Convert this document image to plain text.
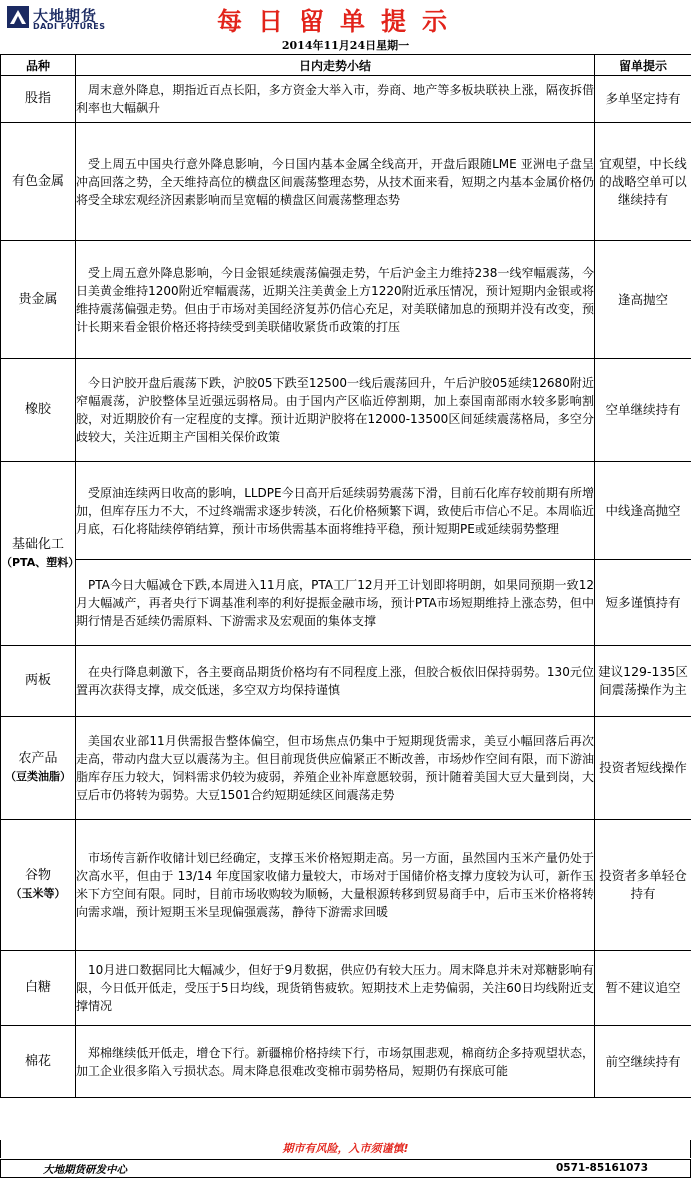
大地期货
DADI FUTURES	每日留单提示
2014年11月24日星期一
品种	日内走势小结	留单提示

股指	周末意外降息，期指近百点长阳，多方资金大举入市，券商、地产等多板块联袂上涨，隔夜拆借利率也大幅飙升	多单坚定持有

有色金属	受上周五中国央行意外降息影响，今日国内基本金属全线高开，开盘后跟随LME 亚洲电子盘呈冲高回落之势，全天维持高位的横盘区间震荡整理态势，从技术面来看，短期之内基本金属价格仍将受全球宏观经济因素影响而呈宽幅的横盘区间震荡整理态势	宜观望，中长线的战略空单可以继续持有

贵金属	受上周五意外降息影响，今日金银延续震荡偏强走势，午后沪金主力维持238一线窄幅震荡，今日美黄金维持1200附近窄幅震荡，近期关注美黄金上方1220附近承压情况，预计短期内金银或将维持震荡偏强走势。但由于市场对美国经济复苏仍信心充足，对美联储加息的预期并没有改变，预计长期来看金银价格还将持续受到美联储收紧货币政策的打压	逢高抛空

橡胶	今日沪胶开盘后震荡下跌，沪胶05下跌至12500一线后震荡回升，午后沪胶05延续12680附近窄幅震荡，沪胶整体呈近强远弱格局。由于国内产区临近停割期，加上泰国南部雨水较多影响割胶，对近期胶价有一定程度的支撑。预计近期沪胶将在12000-13500区间延续震荡格局，多空分歧较大，关注近期主产国相关保价政策	空单继续持有

基础化工
（PTA、塑料）	受原油连续两日收高的影响，LLDPE今日高开后延续弱势震荡下滑，目前石化库存较前期有所增加，但库存压力不大，不过终端需求逐步转淡，石化价格频繁下调，致使后市信心不足。本周临近月底，石化将陆续停销结算，预计市场供需基本面将维持平稳，预计短期PE或延续弱势整理	中线逢高抛空

	PTA今日大幅减仓下跌,本周进入11月底，PTA工厂12月开工计划即将明朗，如果同预期一致12月大幅减产，再者央行下调基准利率的利好提振金融市场，预计PTA市场短期维持上涨态势，但中期行情是否延续仍需原料、下游需求及宏观面的集体支撑	短多谨慎持有

两板	在央行降息刺激下，各主要商品期货价格均有不同程度上涨，但胶合板依旧保持弱势。130元位置再次获得支撑，成交低迷，多空双方均保持谨慎	建议129-135区间震荡操作为主

农产品
（豆类油脂）	美国农业部11月供需报告整体偏空，但市场焦点仍集中于短期现货需求，美豆小幅回落后再次走高，带动内盘大豆以震荡为主。但目前现货供应偏紧正不断改善，市场炒作空间有限，而下游油脂库存压力较大，饲料需求仍较为疲弱，养殖企业补库意愿较弱，预计随着美国大豆大量到岗，大豆后市仍将转为弱势。大豆1501合约短期延续区间震荡走势	投资者短线操作

谷物
（玉米等）	市场传言新作收储计划已经确定，支撑玉米价格短期走高。另一方面，虽然国内玉米产量仍处于次高水平，但由于 13/14 年度国家收储力量较大，市场对于国储价格支撑力度较为认可，新作玉米下方空间有限。同时，目前市场收购较为顺畅，大量根源转移到贸易商手中，后市玉米价格将转向需求端，预计短期玉米呈现偏强震荡，静待下游需求回暖	投资者多单轻仓持有

白糖	10月进口数据同比大幅减少，但好于9月数据，供应仍有较大压力。周末降息并未对郑糖影响有限，今日低开低走，受压于5日均线，现货销售疲软。短期技术上走势偏弱，关注60日均线附近支撑情况	暂不建议追空

棉花	郑棉继续低开低走，增仓下行。新疆棉价格持续下行，市场氛围悲观，棉商纺企多持观望状态，加工企业很多陷入亏损状态。周末降息很难改变棉市弱势格局，短期仍有探底可能	前空继续持有
期市有风险，入市须谨慎!
大地期货研发中心	0571-85161073
